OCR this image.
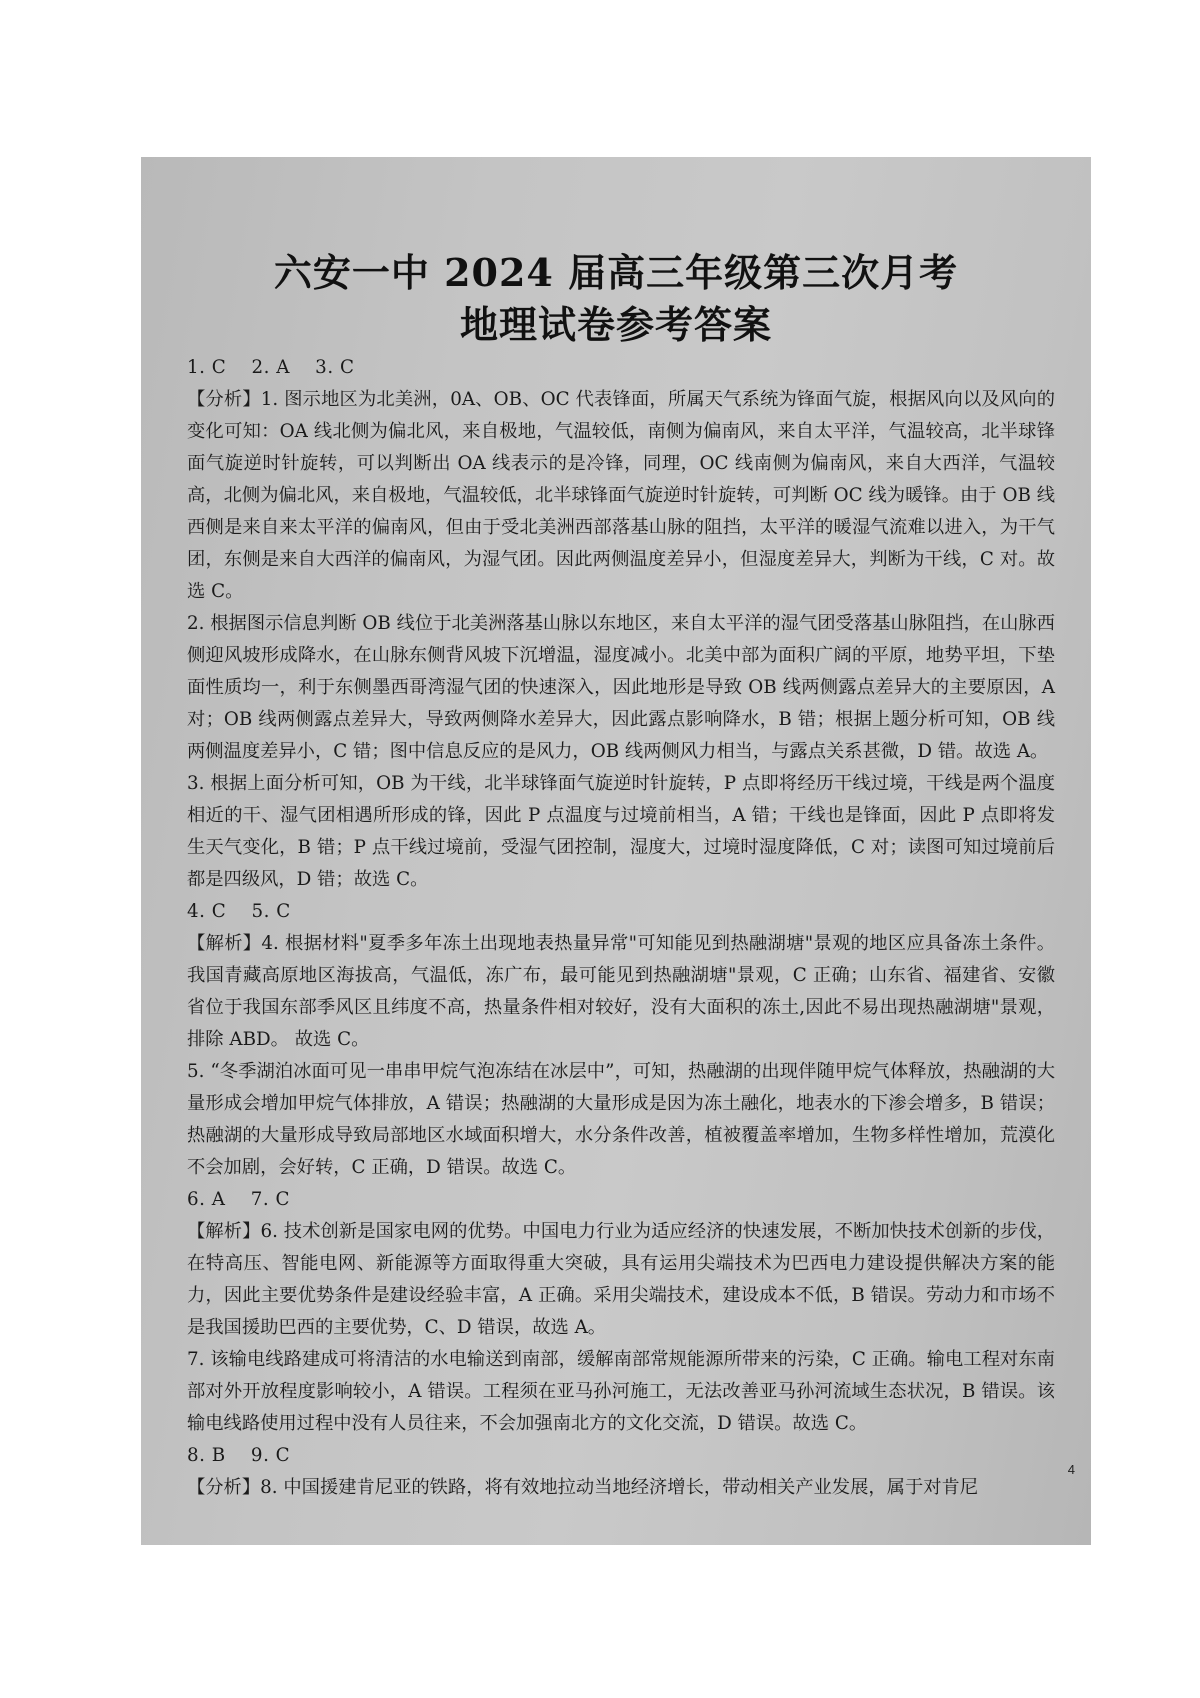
六安一中 2024 届高三年级第三次月考
地理试卷参考答案
1. C    2. A    3. C

【分析】1. 图示地区为北美洲，0A、OB、OC 代表锋面，所属天气系统为锋面气旋，根据风向以及风向的变化可知：OA 线北侧为偏北风，来自极地，气温较低，南侧为偏南风，来自太平洋，气温较高，北半球锋面气旋逆时针旋转，可以判断出 OA 线表示的是冷锋，同理，OC 线南侧为偏南风，来自大西洋，气温较高，北侧为偏北风，来自极地，气温较低，北半球锋面气旋逆时针旋转，可判断 OC 线为暖锋。由于 OB 线西侧是来自来太平洋的偏南风，但由于受北美洲西部落基山脉的阻挡，太平洋的暖湿气流难以进入，为干气团，东侧是来自大西洋的偏南风，为湿气团。因此两侧温度差异小，但湿度差异大，判断为干线，C 对。故选 C。

2. 根据图示信息判断 OB 线位于北美洲落基山脉以东地区，来自太平洋的湿气团受落基山脉阻挡，在山脉西侧迎风坡形成降水，在山脉东侧背风坡下沉增温，湿度减小。北美中部为面积广阔的平原，地势平坦，下垫面性质均一，利于东侧墨西哥湾湿气团的快速深入，因此地形是导致 OB 线两侧露点差异大的主要原因，A 对；OB 线两侧露点差异大，导致两侧降水差异大，因此露点影响降水，B 错；根据上题分析可知，OB 线两侧温度差异小，C 错；图中信息反应的是风力，OB 线两侧风力相当，与露点关系甚微，D 错。故选 A。

3. 根据上面分析可知，OB 为干线，北半球锋面气旋逆时针旋转，P 点即将经历干线过境，干线是两个温度相近的干、湿气团相遇所形成的锋，因此 P 点温度与过境前相当，A 错；干线也是锋面，因此 P 点即将发生天气变化，B 错；P 点干线过境前，受湿气团控制，湿度大，过境时湿度降低，C 对；读图可知过境前后都是四级风，D 错；故选 C。

4. C    5. C

【解析】4. 根据材料"夏季多年冻土出现地表热量异常"可知能见到热融湖塘"景观的地区应具备冻土条件。我国青藏高原地区海拔高，气温低，冻广布，最可能见到热融湖塘"景观，C 正确；山东省、福建省、安徽省位于我国东部季风区且纬度不高，热量条件相对较好，没有大面积的冻土,因此不易出现热融湖塘"景观，排除 ABD。 故选 C。

5. “冬季湖泊冰面可见一串串甲烷气泡冻结在冰层中”，可知，热融湖的出现伴随甲烷气体释放，热融湖的大量形成会增加甲烷气体排放，A 错误；热融湖的大量形成是因为冻土融化，地表水的下渗会增多，B 错误；热融湖的大量形成导致局部地区水域面积增大，水分条件改善，植被覆盖率增加，生物多样性增加，荒漠化不会加剧，会好转，C 正确，D 错误。故选 C。

6. A    7. C

【解析】6. 技术创新是国家电网的优势。中国电力行业为适应经济的快速发展，不断加快技术创新的步伐，在特高压、智能电网、新能源等方面取得重大突破，具有运用尖端技术为巴西电力建设提供解决方案的能力，因此主要优势条件是建设经验丰富，A 正确。采用尖端技术，建设成本不低，B 错误。劳动力和市场不是我国援助巴西的主要优势，C、D 错误，故选 A。

7. 该输电线路建成可将清洁的水电输送到南部，缓解南部常规能源所带来的污染，C 正确。输电工程对东南部对外开放程度影响较小，A 错误。工程须在亚马孙河施工，无法改善亚马孙河流域生态状况，B 错误。该输电线路使用过程中没有人员往来，不会加强南北方的文化交流，D 错误。故选 C。

8. B    9. C

【分析】8. 中国援建肯尼亚的铁路，将有效地拉动当地经济增长，带动相关产业发展，属于对肯尼

4
